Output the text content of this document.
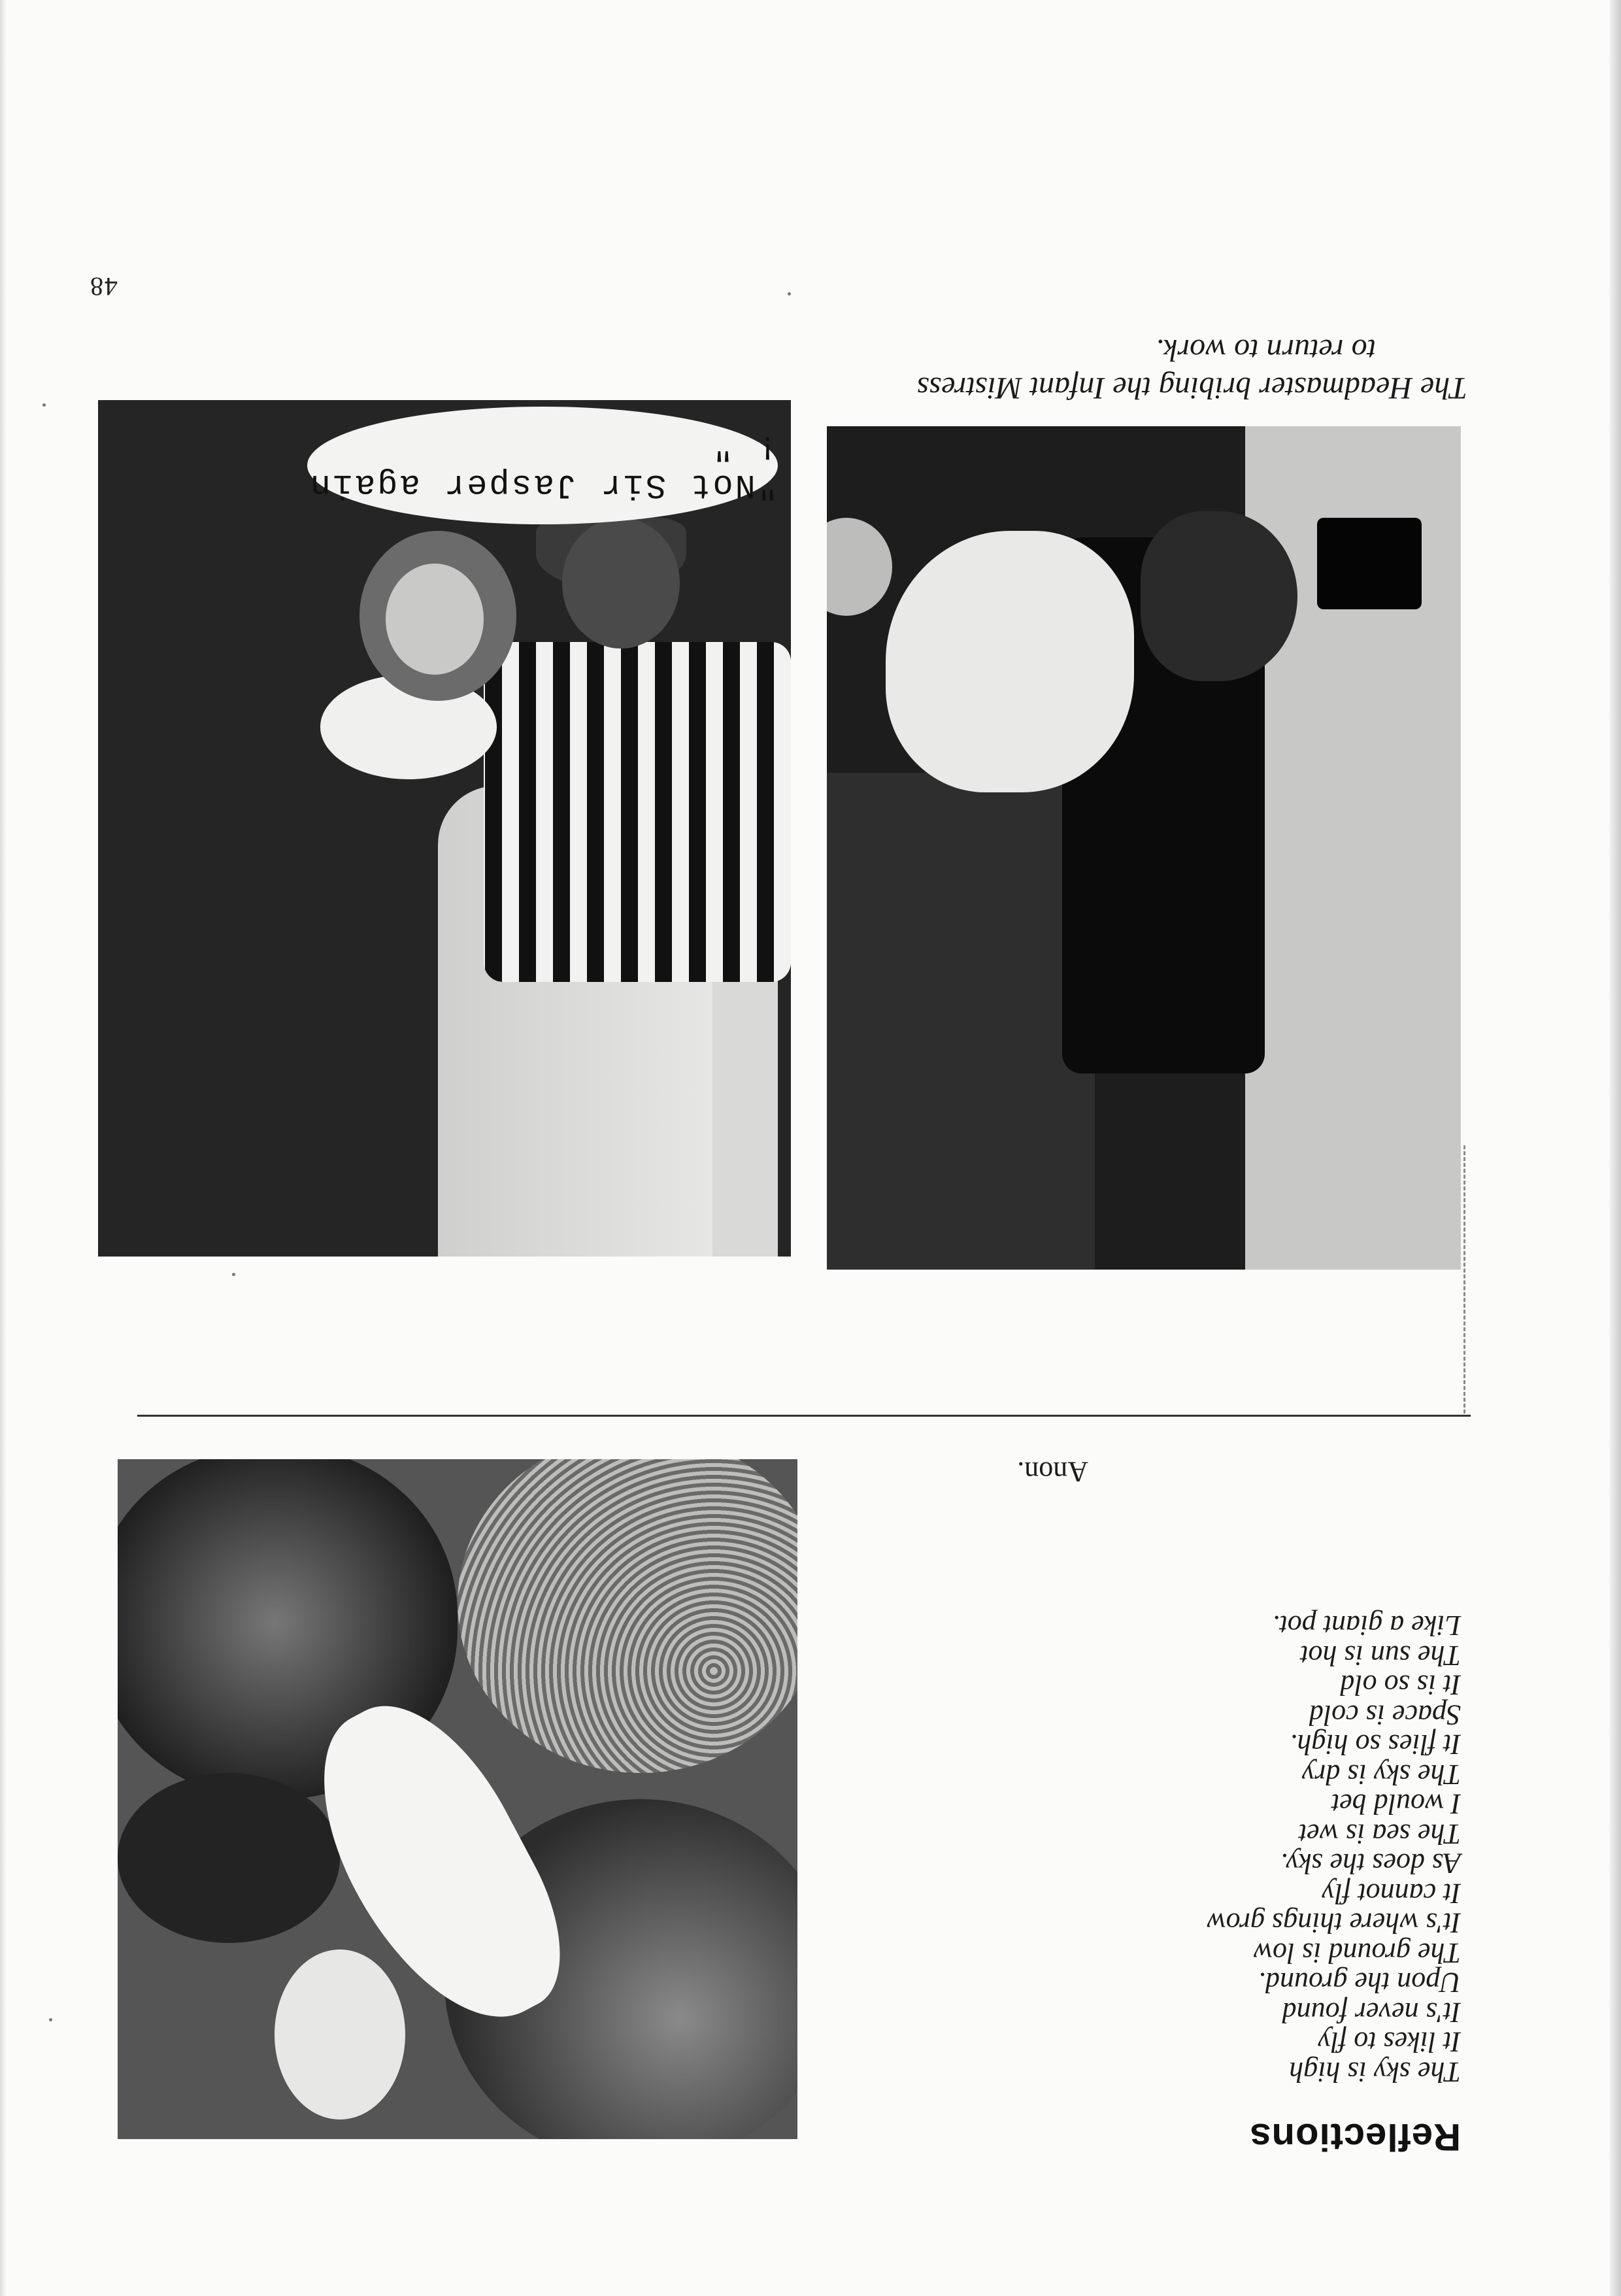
48
The Headmaster bribing the Infant Mistress
to return to work.
"Not Sir Jasper again ! "
Reflections
The sky is high
It likes to fly
It's never found
Upon the ground.
The ground is low
It's where things grow
It cannot fly
As does the sky.
The sea is wet
I would bet
The sky is dry
It flies so high.
Space is cold
It is so old
The sun is hot
Like a giant pot.
Anon.
